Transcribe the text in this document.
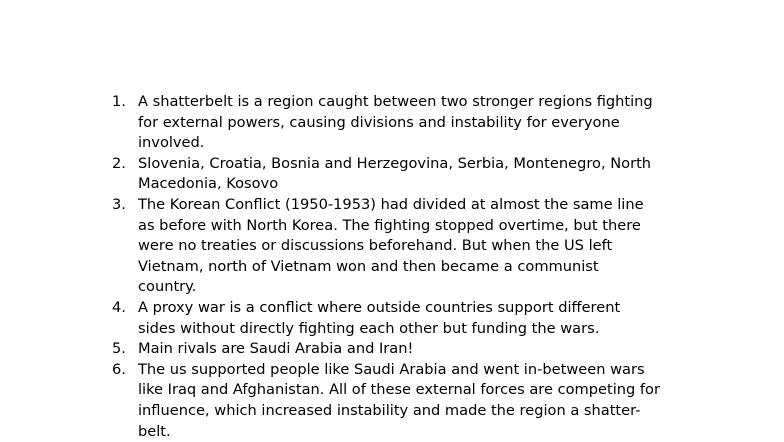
1. A shatterbelt is a region caught between two stronger regions fighting
for external powers, causing divisions and instability for everyone
involved.
2. Slovenia, Croatia, Bosnia and Herzegovina, Serbia, Montenegro, North
Macedonia, Kosovo
3. The Korean Conflict (1950-1953) had divided at almost the same line
as before with North Korea. The fighting stopped overtime, but there
were no treaties or discussions beforehand. But when the US left
Vietnam, north of Vietnam won and then became a communist
country.
4. A proxy war is a conflict where outside countries support different
sides without directly fighting each other but funding the wars.
5. Main rivals are Saudi Arabia and Iran!
6. The us supported people like Saudi Arabia and went in-between wars
like Iraq and Afghanistan. All of these external forces are competing for
influence, which increased instability and made the region a shatter-
belt.
